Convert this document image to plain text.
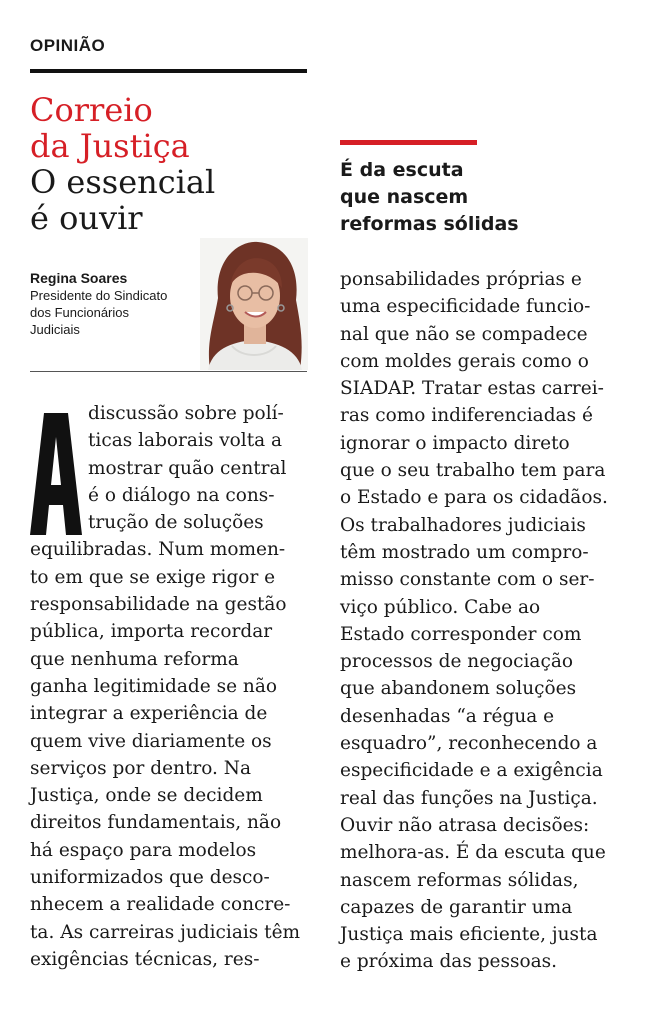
OPINIÃO
Correio
da Justiça
O essencial
é ouvir
Regina Soares
Presidente do Sindicato
dos Funcionários
Judiciais
É da escuta
que nascem
reformas sólidas
discussão sobre polí-
ticas laborais volta a
mostrar quão central
é o diálogo na cons-
trução de soluções
equilibradas. Num momen-
to em que se exige rigor e
responsabilidade na gestão
pública, importa recordar
que nenhuma reforma
ganha legitimidade se não
integrar a experiência de
quem vive diariamente os
serviços por dentro. Na
Justiça, onde se decidem
direitos fundamentais, não
há espaço para modelos
uniformizados que desco-
nhecem a realidade concre-
ta. As carreiras judiciais têm
exigências técnicas, res-
ponsabilidades próprias e
uma especificidade funcio-
nal que não se compadece
com moldes gerais como o
SIADAP. Tratar estas carrei-
ras como indiferenciadas é
ignorar o impacto direto
que o seu trabalho tem para
o Estado e para os cidadãos.
Os trabalhadores judiciais
têm mostrado um compro-
misso constante com o ser-
viço público. Cabe ao
Estado corresponder com
processos de negociação
que abandonem soluções
desenhadas “a régua e
esquadro”, reconhecendo a
especificidade e a exigência
real das funções na Justiça.
Ouvir não atrasa decisões:
melhora-as. É da escuta que
nascem reformas sólidas,
capazes de garantir uma
Justiça mais eficiente, justa
e próxima das pessoas.
